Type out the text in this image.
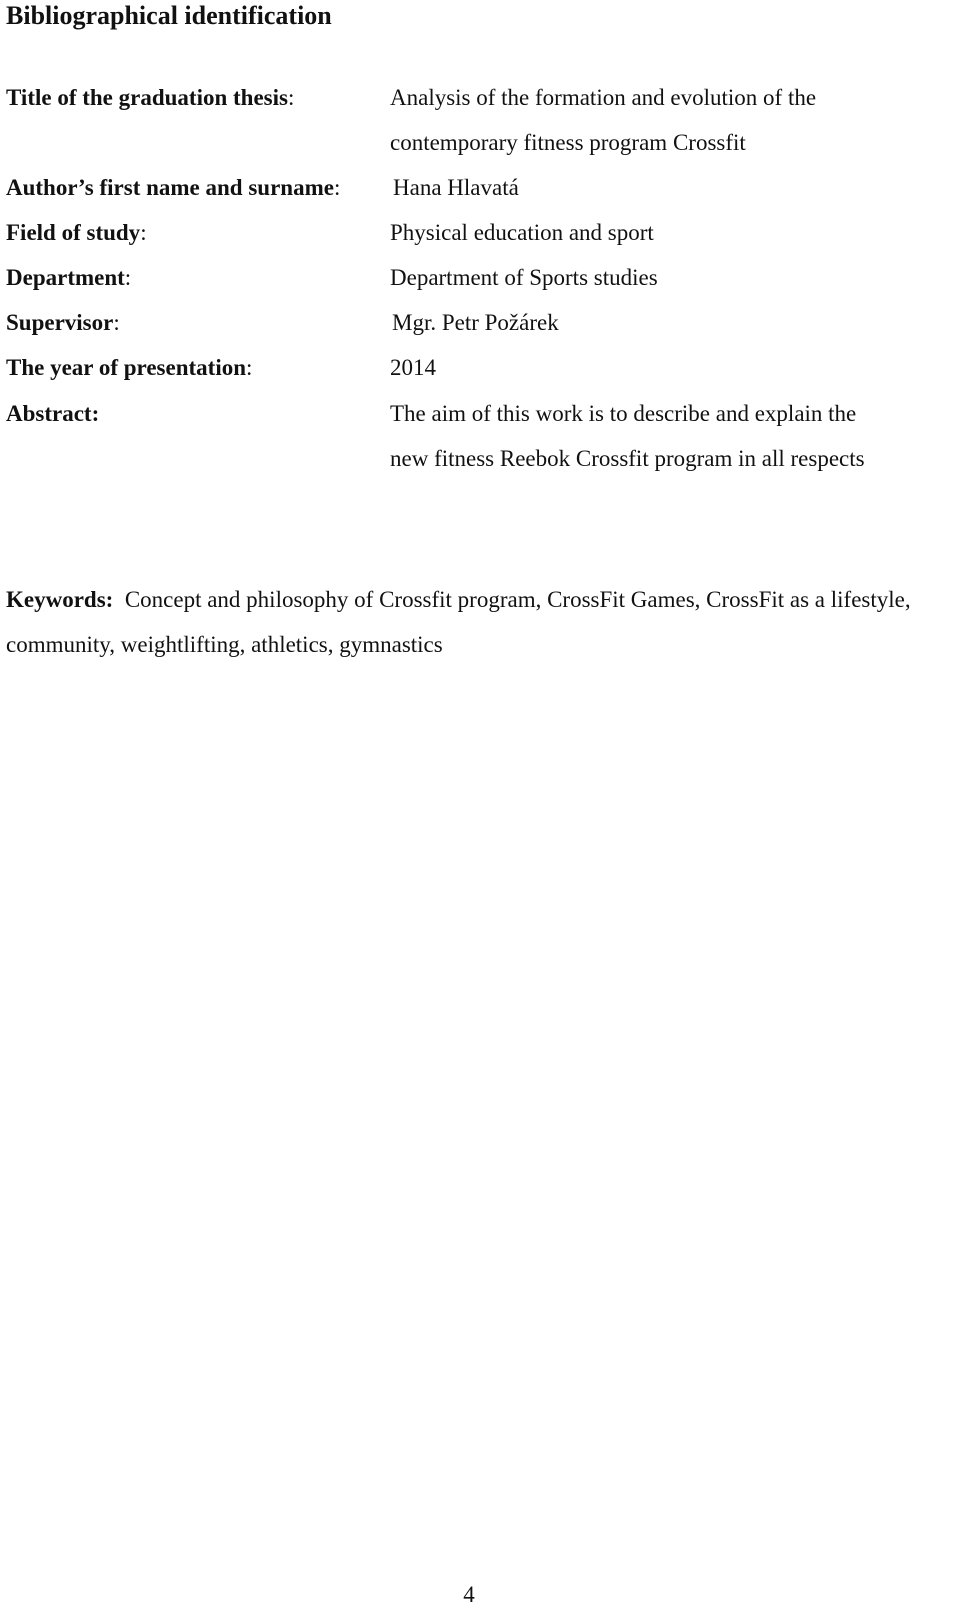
Bibliographical identification
Title of the graduation thesis:	Analysis of the formation and evolution of the
contemporary fitness program Crossfit
Author’s first name and surname: Hana Hlavatá
Field of study:	Physical education and sport
Department:	Department of Sports studies
Supervisor:	Mgr. Petr Požárek
The year of presentation:	2014
Abstract:	The aim of this work is to describe and explain the
new fitness Reebok Crossfit program in all respects

Keywords: Concept and philosophy of Crossfit program, CrossFit Games, CrossFit as a lifestyle, community, weightlifting, athletics, gymnastics

4
